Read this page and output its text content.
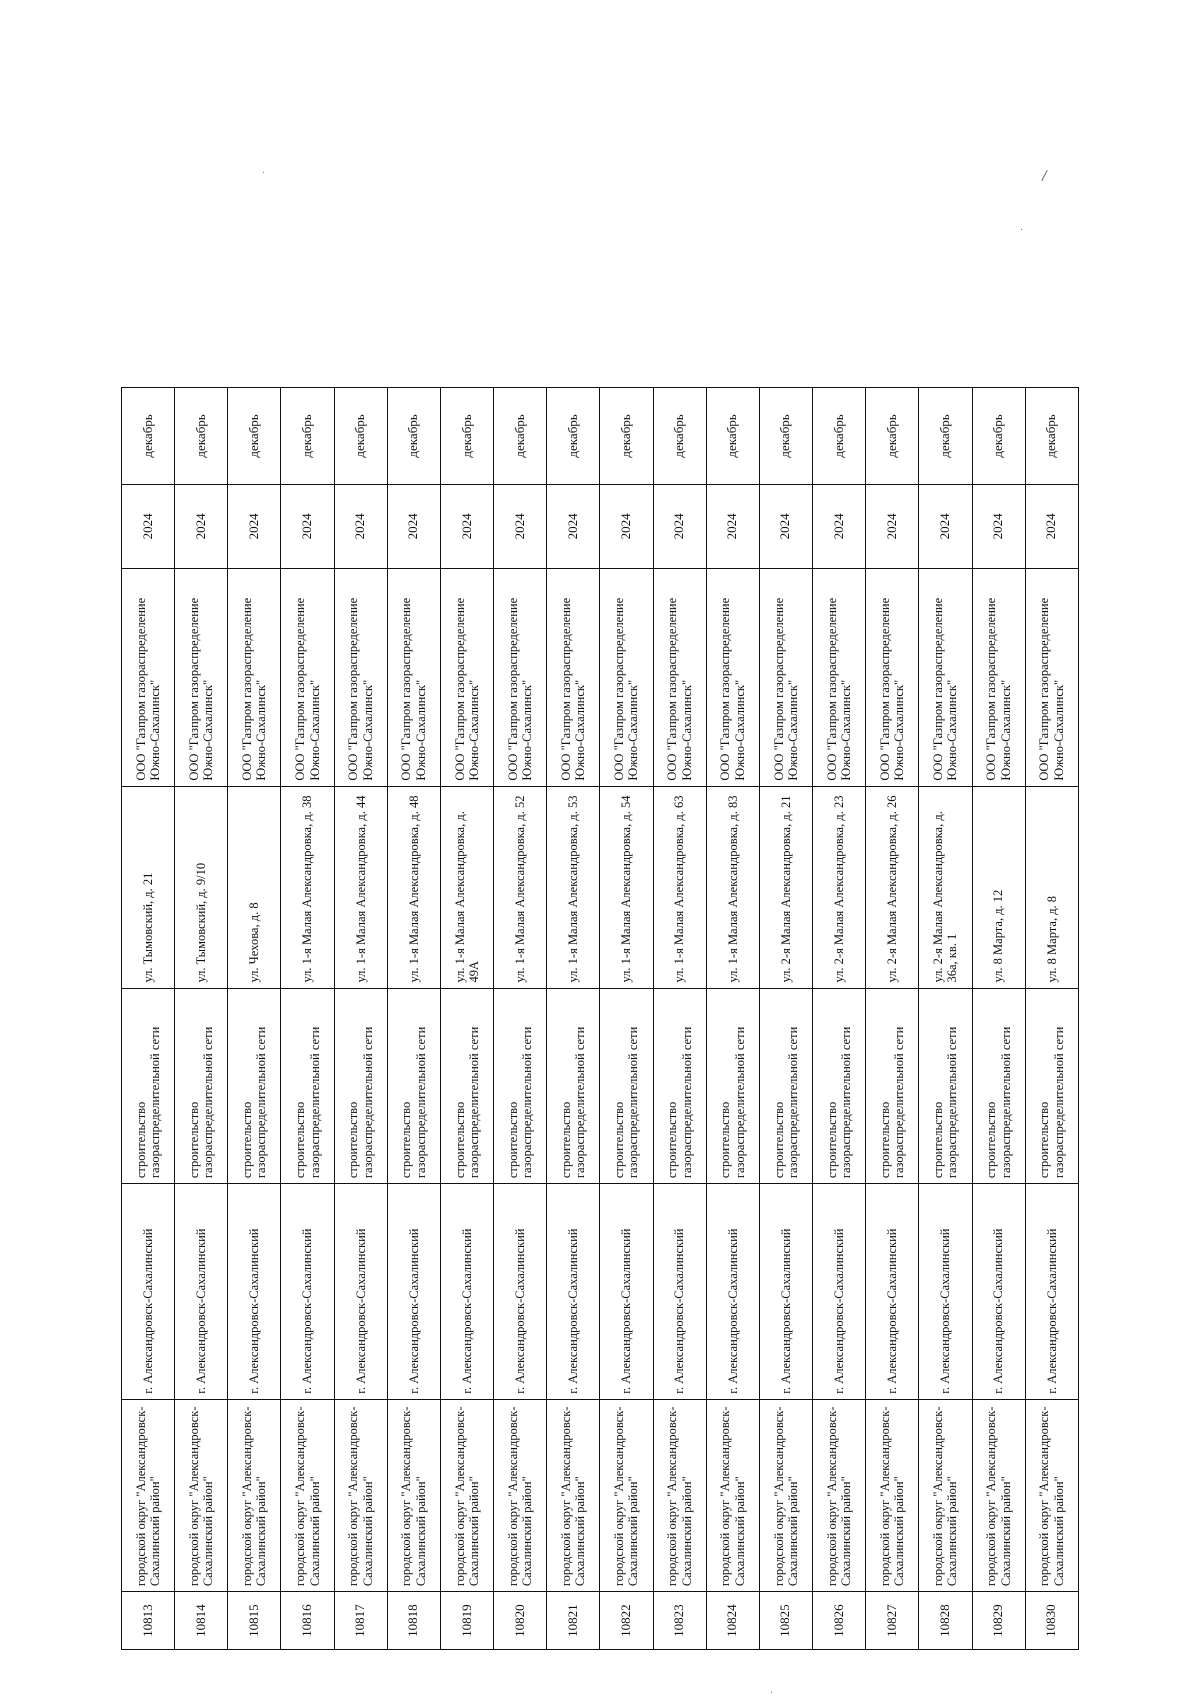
/
·
·
·
10813	городской округ "Александровск-Сахалинский район"	г. Александровск-Сахалинский	строительство газораспределительной сети	ул. Тымовский, д. 21	ООО "Газпром газораспределение Южно-Сахалинск"	2024	декабрь
10814	городской округ "Александровск-Сахалинский район"	г. Александровск-Сахалинский	строительство газораспределительной сети	ул. Тымовский, д. 9/10	ООО "Газпром газораспределение Южно-Сахалинск"	2024	декабрь
10815	городской округ "Александровск-Сахалинский район"	г. Александровск-Сахалинский	строительство газораспределительной сети	ул. Чехова, д. 8	ООО "Газпром газораспределение Южно-Сахалинск"	2024	декабрь
10816	городской округ "Александровск-Сахалинский район"	г. Александровск-Сахалинский	строительство газораспределительной сети	ул. 1-я Малая Александровка, д. 38	ООО "Газпром газораспределение Южно-Сахалинск"	2024	декабрь
10817	городской округ "Александровск-Сахалинский район"	г. Александровск-Сахалинский	строительство газораспределительной сети	ул. 1-я Малая Александровка, д. 44	ООО "Газпром газораспределение Южно-Сахалинск"	2024	декабрь
10818	городской округ "Александровск-Сахалинский район"	г. Александровск-Сахалинский	строительство газораспределительной сети	ул. 1-я Малая Александровка, д. 48	ООО "Газпром газораспределение Южно-Сахалинск"	2024	декабрь
10819	городской округ "Александровск-Сахалинский район"	г. Александровск-Сахалинский	строительство газораспределительной сети	ул. 1-я Малая Александровка, д. 49А	ООО "Газпром газораспределение Южно-Сахалинск"	2024	декабрь
10820	городской округ "Александровск-Сахалинский район"	г. Александровск-Сахалинский	строительство газораспределительной сети	ул. 1-я Малая Александровка, д. 52	ООО "Газпром газораспределение Южно-Сахалинск"	2024	декабрь
10821	городской округ "Александровск-Сахалинский район"	г. Александровск-Сахалинский	строительство газораспределительной сети	ул. 1-я Малая Александровка, д. 53	ООО "Газпром газораспределение Южно-Сахалинск"	2024	декабрь
10822	городской округ "Александровск-Сахалинский район"	г. Александровск-Сахалинский	строительство газораспределительной сети	ул. 1-я Малая Александровка, д. 54	ООО "Газпром газораспределение Южно-Сахалинск"	2024	декабрь
10823	городской округ "Александровск-Сахалинский район"	г. Александровск-Сахалинский	строительство газораспределительной сети	ул. 1-я Малая Александровка, д. 63	ООО "Газпром газораспределение Южно-Сахалинск"	2024	декабрь
10824	городской округ "Александровск-Сахалинский район"	г. Александровск-Сахалинский	строительство газораспределительной сети	ул. 1-я Малая Александровка, д. 83	ООО "Газпром газораспределение Южно-Сахалинск"	2024	декабрь
10825	городской округ "Александровск-Сахалинский район"	г. Александровск-Сахалинский	строительство газораспределительной сети	ул. 2-я Малая Александровка, д. 21	ООО "Газпром газораспределение Южно-Сахалинск"	2024	декабрь
10826	городской округ "Александровск-Сахалинский район"	г. Александровск-Сахалинский	строительство газораспределительной сети	ул. 2-я Малая Александровка, д. 23	ООО "Газпром газораспределение Южно-Сахалинск"	2024	декабрь
10827	городской округ "Александровск-Сахалинский район"	г. Александровск-Сахалинский	строительство газораспределительной сети	ул. 2-я Малая Александровка, д. 26	ООО "Газпром газораспределение Южно-Сахалинск"	2024	декабрь
10828	городской округ "Александровск-Сахалинский район"	г. Александровск-Сахалинский	строительство газораспределительной сети	ул. 2-я Малая Александровка, д. 36а, кв. 1	ООО "Газпром газораспределение Южно-Сахалинск"	2024	декабрь
10829	городской округ "Александровск-Сахалинский район"	г. Александровск-Сахалинский	строительство газораспределительной сети	ул. 8 Марта, д. 12	ООО "Газпром газораспределение Южно-Сахалинск"	2024	декабрь
10830	городской округ "Александровск-Сахалинский район"	г. Александровск-Сахалинский	строительство газораспределительной сети	ул. 8 Марта, д. 8	ООО "Газпром газораспределение Южно-Сахалинск"	2024	декабрь
